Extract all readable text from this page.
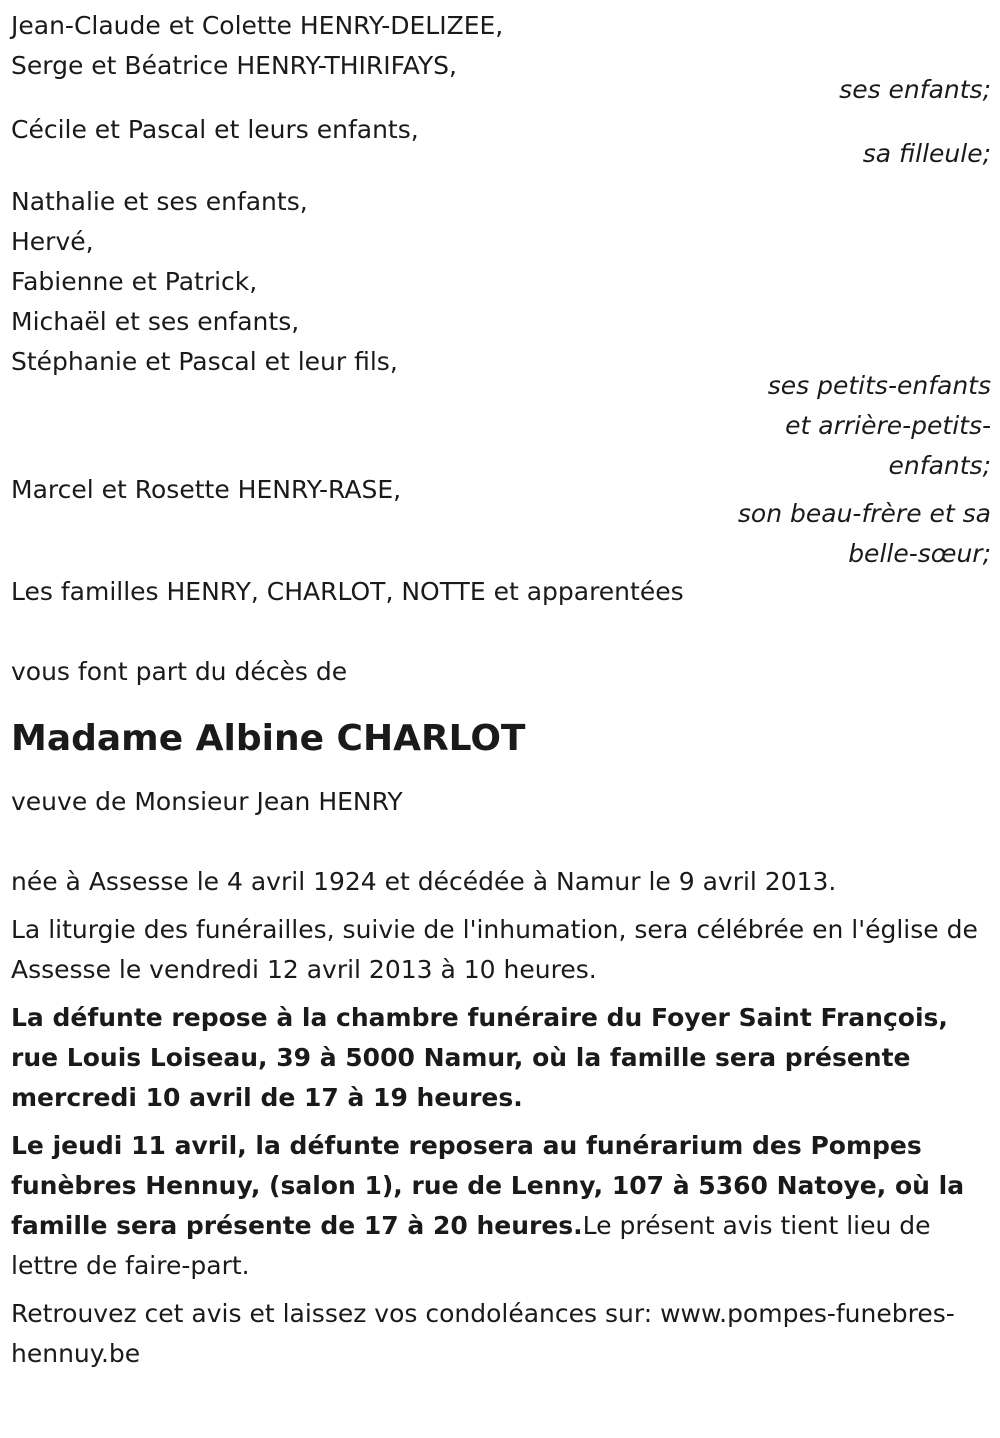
Jean-Claude et Colette HENRY-DELIZEE,
Serge et Béatrice HENRY-THIRIFAYS,
ses enfants;
Cécile et Pascal et leurs enfants,
sa filleule;
Nathalie et ses enfants,
Hervé,
Fabienne et Patrick,
Michaël et ses enfants,
Stéphanie et Pascal et leur fils,
ses petits-enfants
et arrière-petits-
enfants;
Marcel et Rosette HENRY-RASE,
son beau-frère et sa
belle-sœur;
Les familles HENRY, CHARLOT, NOTTE et apparentées
vous font part du décès de
Madame Albine CHARLOT
veuve de Monsieur Jean HENRY
née à Assesse le 4 avril 1924 et décédée à Namur le 9 avril 2013.
La liturgie des funérailles, suivie de l'inhumation, sera célébrée en l'église de Assesse le vendredi 12 avril 2013 à 10 heures.
La défunte repose à la chambre funéraire du Foyer Saint François, rue Louis Loiseau, 39 à 5000 Namur, où la famille sera présente mercredi 10 avril de 17 à 19 heures.
Le jeudi 11 avril, la défunte reposera au funérarium des Pompes funèbres Hennuy, (salon 1), rue de Lenny, 107 à 5360 Natoye, où la famille sera présente de 17 à 20 heures.Le présent avis tient lieu de lettre de faire-part.
Retrouvez cet avis et laissez vos condoléances sur: www.pompes-funebres-hennuy.be
